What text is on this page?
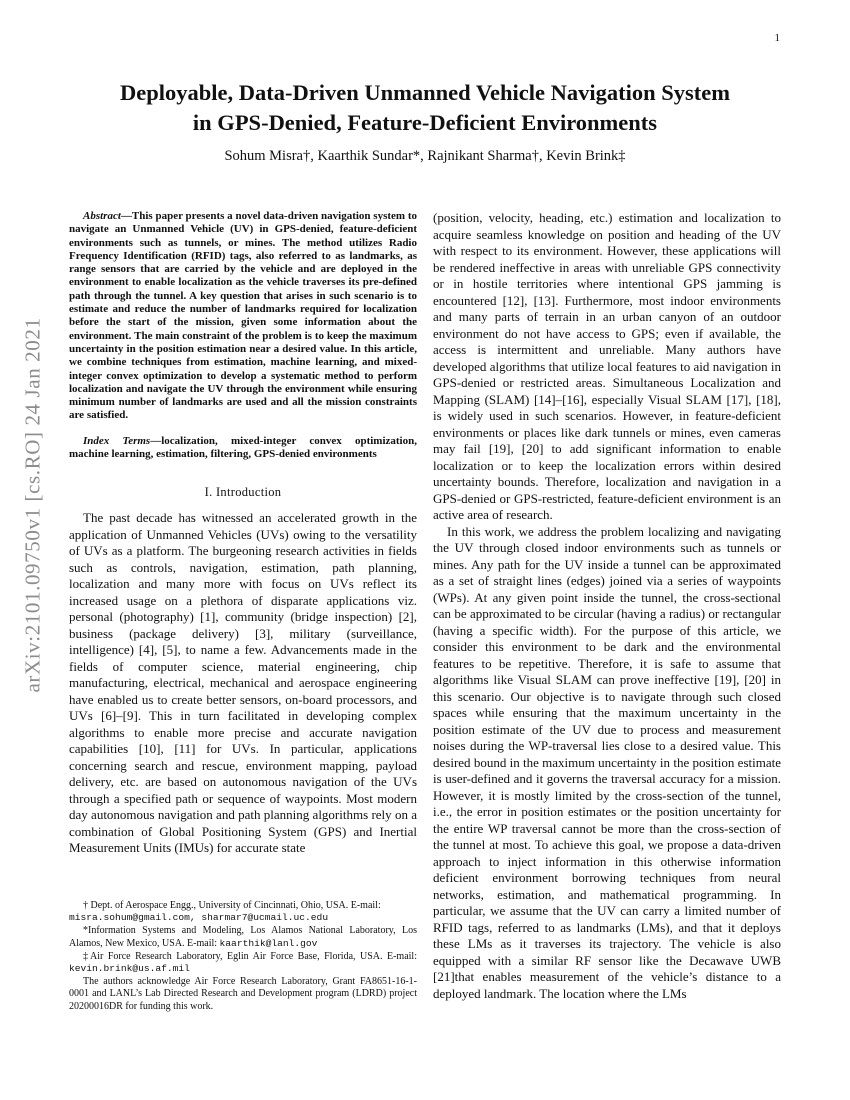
1
arXiv:2101.09750v1 [cs.RO] 24 Jan 2021
Deployable, Data-Driven Unmanned Vehicle Navigation System
in GPS-Denied, Feature-Deficient Environments
Sohum Misra†, Kaarthik Sundar*, Rajnikant Sharma†, Kevin Brink‡

Abstract—This paper presents a novel data-driven navigation system to navigate an Unmanned Vehicle (UV) in GPS-denied, feature-deficient environments such as tunnels, or mines. The method utilizes Radio Frequency Identification (RFID) tags, also referred to as landmarks, as range sensors that are carried by the vehicle and are deployed in the environment to enable localization as the vehicle traverses its pre-defined path through the tunnel. A key question that arises in such scenario is to estimate and reduce the number of landmarks required for localization before the start of the mission, given some information about the environment. The main constraint of the problem is to keep the maximum uncertainty in the position estimation near a desired value. In this article, we combine techniques from estimation, machine learning, and mixed-integer convex optimization to develop a systematic method to perform localization and navigate the UV through the environment while ensuring minimum number of landmarks are used and all the mission constraints are satisfied.

Index Terms—localization, mixed-integer convex optimization, machine learning, estimation, filtering, GPS-denied environments

I. Introduction

The past decade has witnessed an accelerated growth in the application of Unmanned Vehicles (UVs) owing to the versatility of UVs as a platform. The burgeoning research activities in fields such as controls, navigation, estimation, path planning, localization and many more with focus on UVs reflect its increased usage on a plethora of disparate applications viz. personal (photography) [1], community (bridge inspection) [2], business (package delivery) [3], military (surveillance, intelligence) [4], [5], to name a few. Advancements made in the fields of computer science, material engineering, chip manufacturing, electrical, mechanical and aerospace engineering have enabled us to create better sensors, on-board processors, and UVs [6]–[9]. This in turn facilitated in developing complex algorithms to enable more precise and accurate navigation capabilities [10], [11] for UVs. In particular, applications concerning search and rescue, environment mapping, payload delivery, etc. are based on autonomous navigation of the UVs through a specified path or sequence of waypoints. Most modern day autonomous navigation and path planning algorithms rely on a combination of Global Positioning System (GPS) and Inertial Measurement Units (IMUs) for accurate state

† Dept. of Aerospace Engg., University of Cincinnati, Ohio, USA. E-mail:
misra.sohum@gmail.com, sharmar7@ucmail.uc.edu

*Information Systems and Modeling, Los Alamos National Laboratory, Los Alamos, New Mexico, USA. E-mail: kaarthik@lanl.gov

‡Air Force Research Laboratory, Eglin Air Force Base, Florida, USA. E-mail: kevin.brink@us.af.mil

The authors acknowledge Air Force Research Laboratory, Grant FA8651-16-1-0001 and LANL’s Lab Directed Research and Development program (LDRD) project 20200016DR for funding this work.

(position, velocity, heading, etc.) estimation and localization to acquire seamless knowledge on position and heading of the UV with respect to its environment. However, these applications will be rendered ineffective in areas with unreliable GPS connectivity or in hostile territories where intentional GPS jamming is encountered [12], [13]. Furthermore, most indoor environments and many parts of terrain in an urban canyon of an outdoor environment do not have access to GPS; even if available, the access is intermittent and unreliable. Many authors have developed algorithms that utilize local features to aid navigation in GPS-denied or restricted areas. Simultaneous Localization and Mapping (SLAM) [14]–[16], especially Visual SLAM [17], [18], is widely used in such scenarios. However, in feature-deficient environments or places like dark tunnels or mines, even cameras may fail [19], [20] to add significant information to enable localization or to keep the localization errors within desired uncertainty bounds. Therefore, localization and navigation in a GPS-denied or GPS-restricted, feature-deficient environment is an active area of research.

In this work, we address the problem localizing and navigating the UV through closed indoor environments such as tunnels or mines. Any path for the UV inside a tunnel can be approximated as a set of straight lines (edges) joined via a series of waypoints (WPs). At any given point inside the tunnel, the cross-sectional can be approximated to be circular (having a radius) or rectangular (having a specific width). For the purpose of this article, we consider this environment to be dark and the environmental features to be repetitive. Therefore, it is safe to assume that algorithms like Visual SLAM can prove ineffective [19], [20] in this scenario. Our objective is to navigate through such closed spaces while ensuring that the maximum uncertainty in the position estimate of the UV due to process and measurement noises during the WP-traversal lies close to a desired value. This desired bound in the maximum uncertainty in the position estimate is user-defined and it governs the traversal accuracy for a mission. However, it is mostly limited by the cross-section of the tunnel, i.e., the error in position estimates or the position uncertainty for the entire WP traversal cannot be more than the cross-section of the tunnel at most. To achieve this goal, we propose a data-driven approach to inject information in this otherwise information deficient environment borrowing techniques from neural networks, estimation, and mathematical programming. In particular, we assume that the UV can carry a limited number of RFID tags, referred to as landmarks (LMs), and that it deploys these LMs as it traverses its trajectory. The vehicle is also equipped with a similar RF sensor like the Decawave UWB [21]that enables measurement of the vehicle’s distance to a deployed landmark. The location where the LMs
